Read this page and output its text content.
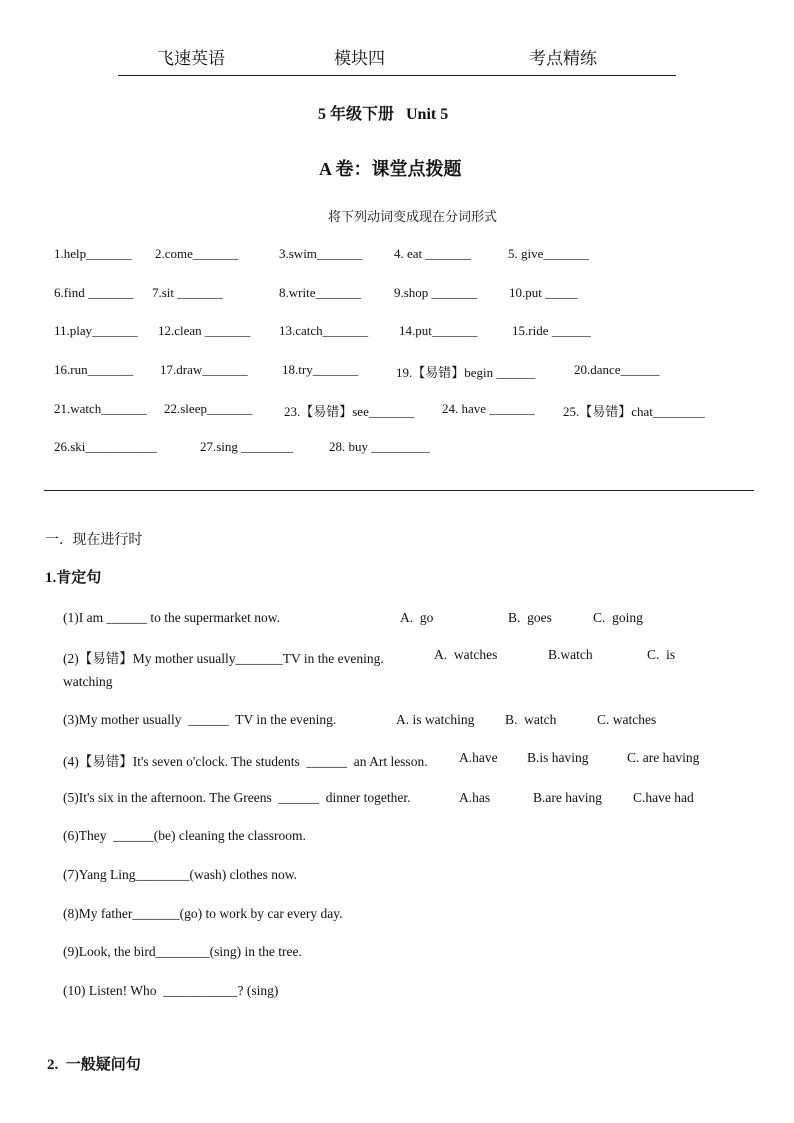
飞速英语	模块四	考点精练
5 年级下册   Unit 5
A 卷：课堂点拨题
将下列动词变成现在分词形式
1.help_______ 2.come_______	3.swim_______ 4. eat _______	5. give_______
6.find _______ 7.sit _______	8.write_______	9.shop _______ 10.put _____
11.play_______ 12.clean _______ 13.catch_______ 14.put_______	15.ride ______
16.run_______ 17.draw_______	18.try_______	19.【易错】begin ______	20.dance______
21.watch_______ 22.sleep_______ 23.【易错】see_______ 24. have _______ 25.【易错】chat________
26.ski___________	27.sing ________	28. buy _________
一.  现在进行时
1.肯定句
(1)I am ______ to the supermarket now.	A.  go	B.  goes	C.  going
(2)【易错】My mother usually_______TV in the evening.	A.  watches	B.watch	C.  is
watching
(3)My mother usually  ______  TV in the evening.	A. is watching B.  watch	C. watches
(4)【易错】It's seven o'clock. The students  ______  an Art lesson. A.have B.is having	C. are having
(5)It's six in the afternoon. The Greens  ______  dinner together.	A.has	B.are having C.have had
(6)They  ______(be) cleaning the classroom.
(7)Yang Ling________(wash) clothes now.
(8)My father_______(go) to work by car every day.
(9)Look, the bird________(sing) in the tree.
(10) Listen! Who  ___________? (sing)
2.  一般疑问句
